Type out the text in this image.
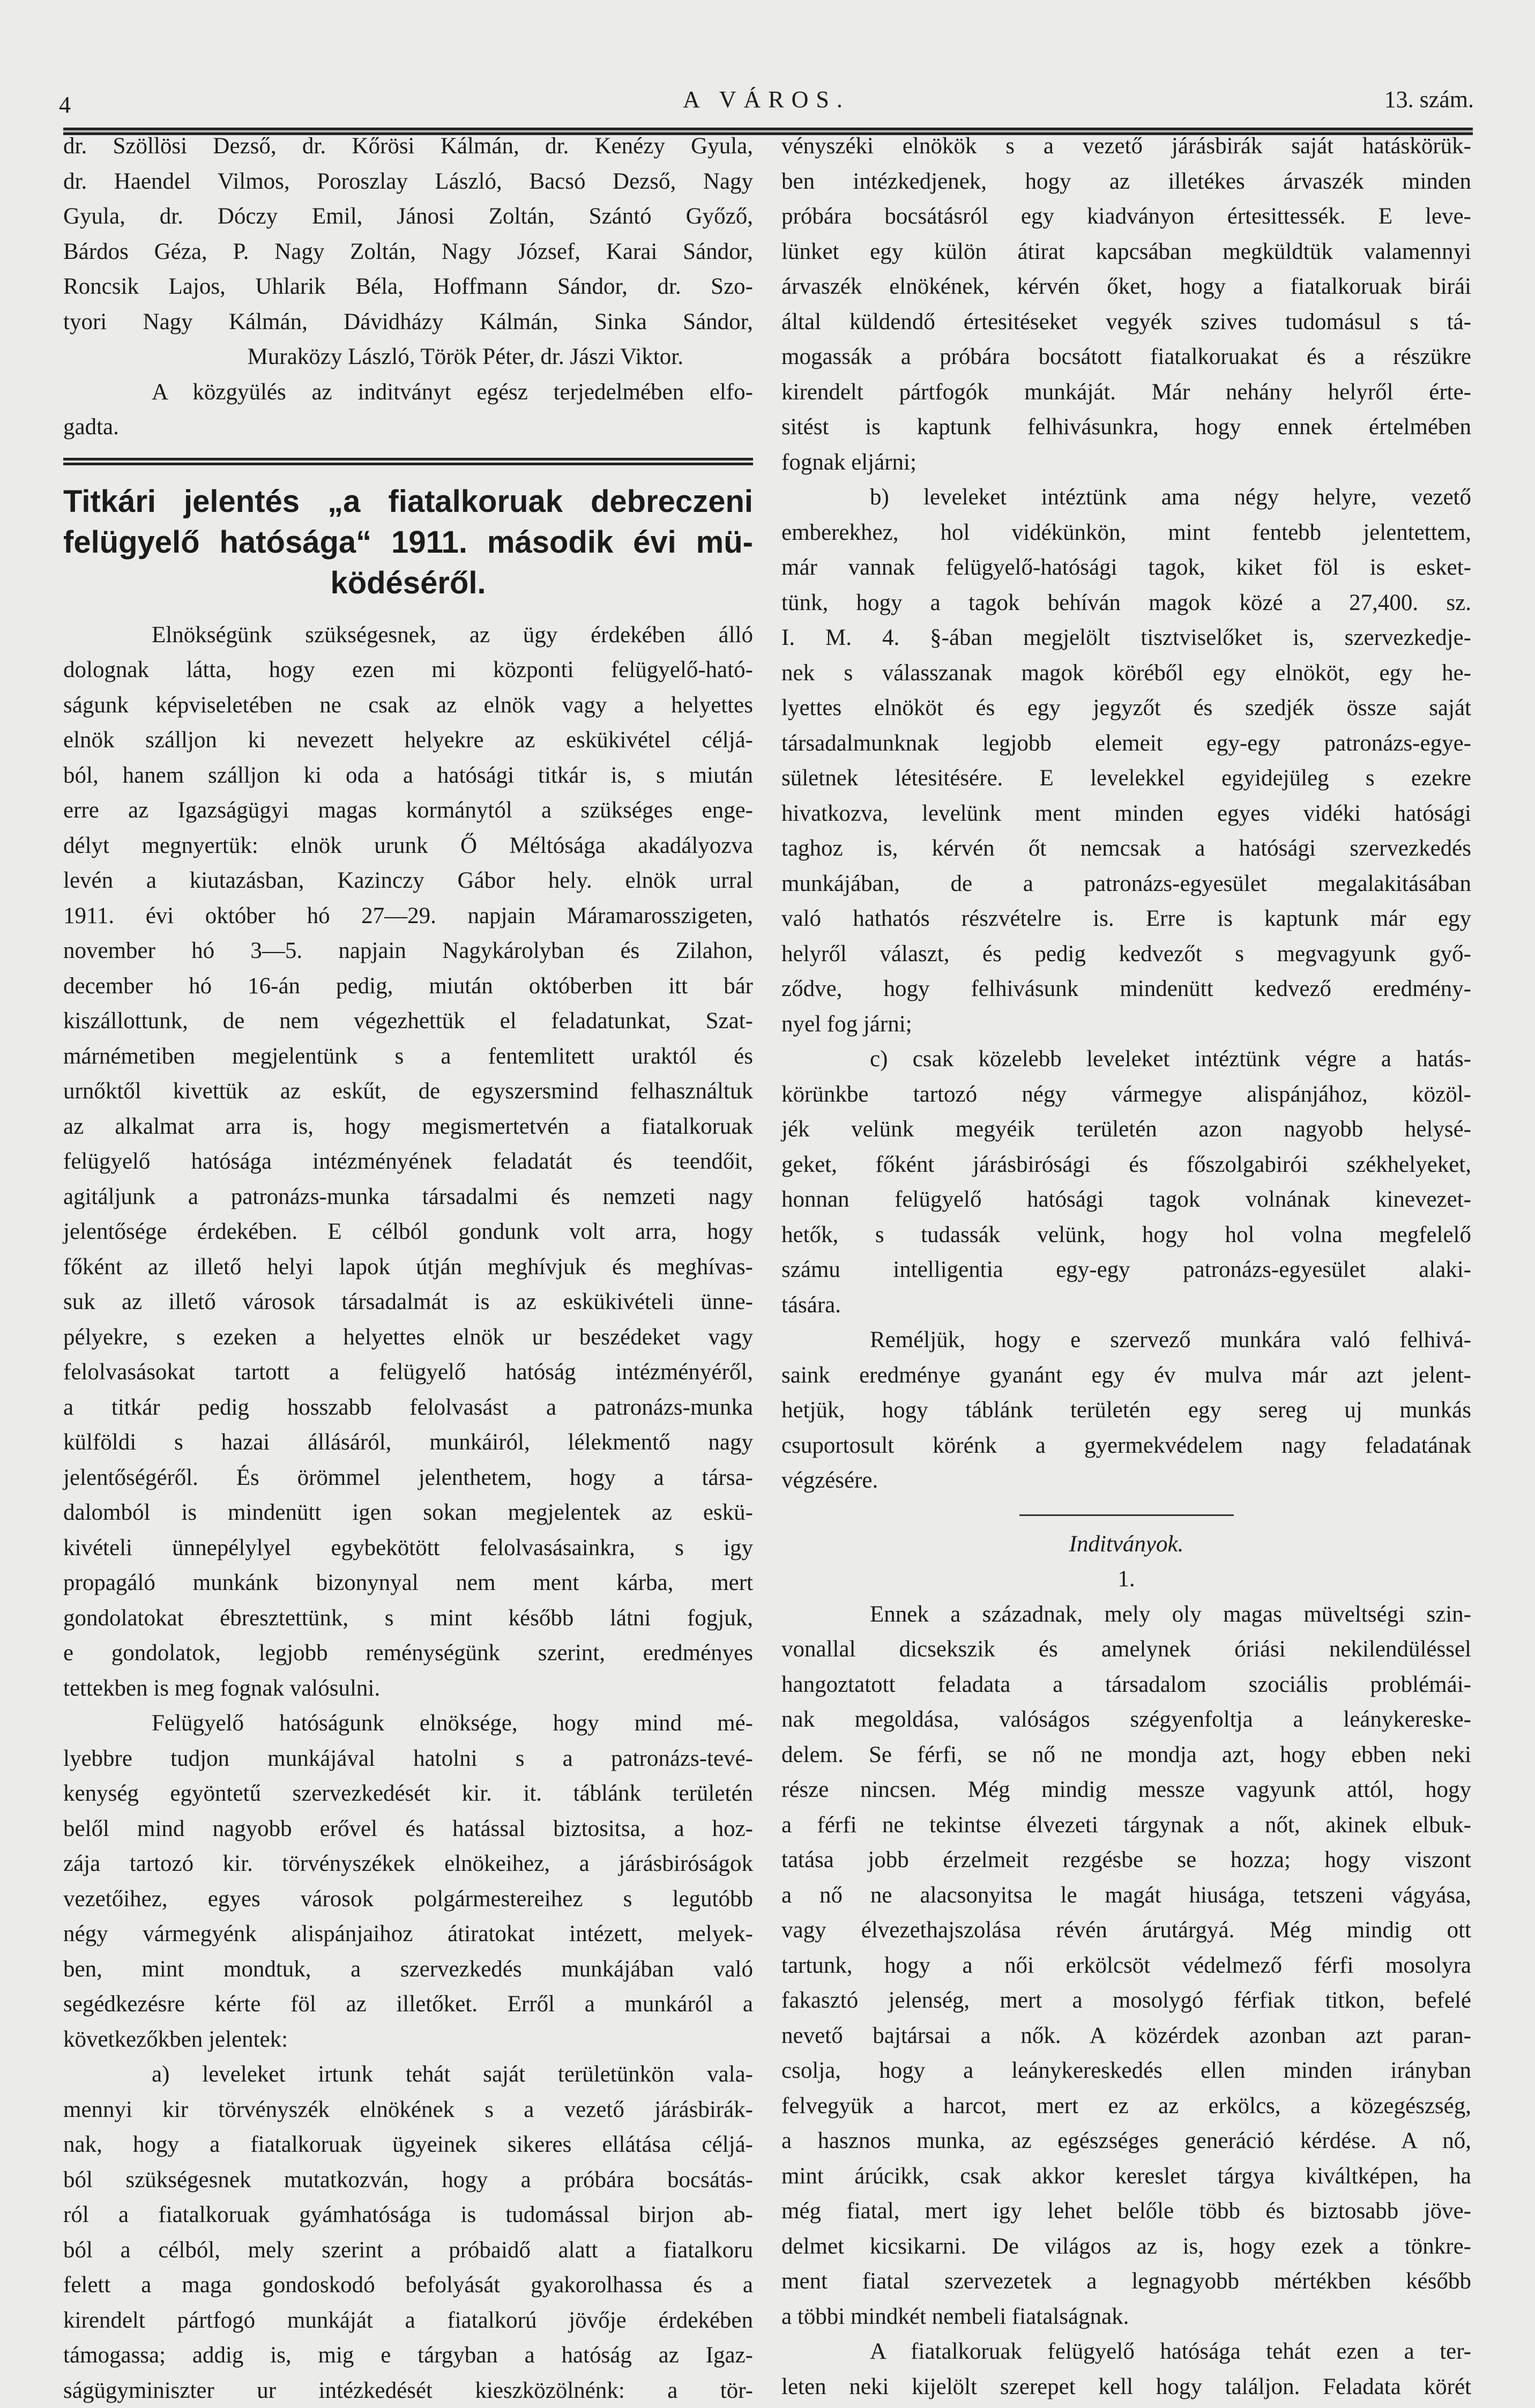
4	A VÁROS.	13. szám.
dr. Szöllösi Dezső, dr. Kőrösi Kálmán, dr. Kenézy Gyula,
dr. Haendel Vilmos, Poroszlay László, Bacsó Dezső, Nagy
Gyula, dr. Dóczy Emil, Jánosi Zoltán, Szántó Győző,
Bárdos Géza, P. Nagy Zoltán, Nagy József, Karai Sándor,
Roncsik Lajos, Uhlarik Béla, Hoffmann Sándor, dr. Szo-
tyori Nagy Kálmán, Dávidházy Kálmán, Sinka Sándor,
Muraközy László, Török Péter, dr. Jászi Viktor.
A közgyülés az inditványt egész terjedelmében elfo-
gadta.
Titkári jelentés „a fiatalkoruak debreczeni
felügyelő hatósága“ 1911. második évi mü-
ködéséről.
Elnökségünk szükségesnek, az ügy érdekében álló
dolognak látta, hogy ezen mi központi felügyelő-ható-
ságunk képviseletében ne csak az elnök vagy a helyettes
elnök szálljon ki nevezett helyekre az eskükivétel céljá-
ból, hanem szálljon ki oda a hatósági titkár is, s miután
erre az Igazságügyi magas kormánytól a szükséges enge-
délyt megnyertük: elnök urunk Ő Méltósága akadályozva
levén a kiutazásban, Kazinczy Gábor hely. elnök urral
1911. évi október hó 27—29. napjain Máramarosszigeten,
november hó 3—5. napjain Nagykárolyban és Zilahon,
december hó 16-án pedig, miután októberben itt bár
kiszállottunk, de nem végezhettük el feladatunkat, Szat-
márnémetiben megjelentünk s a fentemlitett uraktól és
urnőktől kivettük az eskűt, de egyszersmind felhasználtuk
az alkalmat arra is, hogy megismertetvén a fiatalkoruak
felügyelő hatósága intézményének feladatát és teendőit,
agitáljunk a patronázs-munka társadalmi és nemzeti nagy
jelentősége érdekében. E célból gondunk volt arra, hogy
főként az illető helyi lapok útján meghívjuk és meghívas-
suk az illető városok társadalmát is az eskükivételi ünne-
pélyekre, s ezeken a helyettes elnök ur beszédeket vagy
felolvasásokat tartott a felügyelő hatóság intézményéről,
a titkár pedig hosszabb felolvasást a patronázs-munka
külföldi s hazai állásáról, munkáiról, lélekmentő nagy
jelentőségéről. És örömmel jelenthetem, hogy a társa-
dalomból is mindenütt igen sokan megjelentek az eskü-
kivételi ünnepélylyel egybekötött felolvasásainkra, s igy
propagáló munkánk bizonynyal nem ment kárba, mert
gondolatokat ébresztettünk, s mint később látni fogjuk,
e gondolatok, legjobb reménységünk szerint, eredményes
tettekben is meg fognak valósulni.
Felügyelő hatóságunk elnöksége, hogy mind mé-
lyebbre tudjon munkájával hatolni s a patronázs-tevé-
kenység egyöntetű szervezkedését kir. it. táblánk területén
belől mind nagyobb erővel és hatással biztositsa, a hoz-
zája tartozó kir. törvényszékek elnökeihez, a járásbiróságok
vezetőihez, egyes városok polgármestereihez s legutóbb
négy vármegyénk alispánjaihoz átiratokat intézett, melyek-
ben, mint mondtuk, a szervezkedés munkájában való
segédkezésre kérte föl az illetőket. Erről a munkáról a
következőkben jelentek:
a) leveleket irtunk tehát saját területünkön vala-
mennyi kir törvényszék elnökének s a vezető járásbirák-
nak, hogy a fiatalkoruak ügyeinek sikeres ellátása céljá-
ból szükségesnek mutatkozván, hogy a próbára bocsátás-
ról a fiatalkoruak gyámhatósága is tudomással birjon ab-
ból a célból, mely szerint a próbaidő alatt a fiatalkoru
felett a maga gondoskodó befolyását gyakorolhassa és a
kirendelt pártfogó munkáját a fiatalkorú jövője érdekében
támogassa; addig is, mig e tárgyban a hatóság az Igaz-
ságügyminiszter ur intézkedését kieszközölnénk: a tör-
vényszéki elnökök s a vezető járásbirák saját hatáskörük-
ben intézkedjenek, hogy az illetékes árvaszék minden
próbára bocsátásról egy kiadványon értesittessék. E leve-
lünket egy külön átirat kapcsában megküldtük valamennyi
árvaszék elnökének, kérvén őket, hogy a fiatalkoruak birái
által küldendő értesitéseket vegyék szives tudomásul s tá-
mogassák a próbára bocsátott fiatalkoruakat és a részükre
kirendelt pártfogók munkáját. Már nehány helyről érte-
sitést is kaptunk felhivásunkra, hogy ennek értelmében
fognak eljárni;
b) leveleket intéztünk ama négy helyre, vezető
emberekhez, hol vidékünkön, mint fentebb jelentettem,
már vannak felügyelő-hatósági tagok, kiket föl is esket-
tünk, hogy a tagok behíván magok közé a 27,400. sz.
I. M. 4. §-ában megjelölt tisztviselőket is, szervezkedje-
nek s válasszanak magok köréből egy elnököt, egy he-
lyettes elnököt és egy jegyzőt és szedjék össze saját
társadalmunknak legjobb elemeit egy-egy patronázs-egye-
sületnek létesitésére. E levelekkel egyidejüleg s ezekre
hivatkozva, levelünk ment minden egyes vidéki hatósági
taghoz is, kérvén őt nemcsak a hatósági szervezkedés
munkájában, de a patronázs-egyesület megalakitásában
való hathatós részvételre is. Erre is kaptunk már egy
helyről választ, és pedig kedvezőt s megvagyunk győ-
ződve, hogy felhivásunk mindenütt kedvező eredmény-
nyel fog járni;
c) csak közelebb leveleket intéztünk végre a hatás-
körünkbe tartozó négy vármegye alispánjához, közöl-
jék velünk megyéik területén azon nagyobb helysé-
geket, főként járásbirósági és főszolgabirói székhelyeket,
honnan felügyelő hatósági tagok volnának kinevezet-
hetők, s tudassák velünk, hogy hol volna megfelelő
számu intelligentia egy-egy patronázs-egyesület alaki-
tására.
Reméljük, hogy e szervező munkára való felhivá-
saink eredménye gyanánt egy év mulva már azt jelent-
hetjük, hogy táblánk területén egy sereg uj munkás
csuportosult körénk a gyermekvédelem nagy feladatának
végzésére.
Inditványok.
1.
Ennek a századnak, mely oly magas müveltségi szin-
vonallal dicsekszik és amelynek óriási nekilendüléssel
hangoztatott feladata a társadalom szociális problémái-
nak megoldása, valóságos szégyenfoltja a leánykereske-
delem. Se férfi, se nő ne mondja azt, hogy ebben neki
része nincsen. Még mindig messze vagyunk attól, hogy
a férfi ne tekintse élvezeti tárgynak a nőt, akinek elbuk-
tatása jobb érzelmeit rezgésbe se hozza; hogy viszont
a nő ne alacsonyitsa le magát hiusága, tetszeni vágyása,
vagy élvezethajszolása révén árutárgyá. Még mindig ott
tartunk, hogy a női erkölcsöt védelmező férfi mosolyra
fakasztó jelenség, mert a mosolygó férfiak titkon, befelé
nevető bajtársai a nők. A közérdek azonban azt paran-
csolja, hogy a leánykereskedés ellen minden irányban
felvegyük a harcot, mert ez az erkölcs, a közegészség,
a hasznos munka, az egészséges generáció kérdése. A nő,
mint árúcikk, csak akkor kereslet tárgya kiváltképen, ha
még fiatal, mert igy lehet belőle több és biztosabb jöve-
delmet kicsikarni. De világos az is, hogy ezek a tönkre-
ment fiatal szervezetek a legnagyobb mértékben később
a többi mindkét nembeli fiatalságnak.
A fiatalkoruak felügyelő hatósága tehát ezen a ter-
leten neki kijelölt szerepet kell hogy találjon. Feladata körét
